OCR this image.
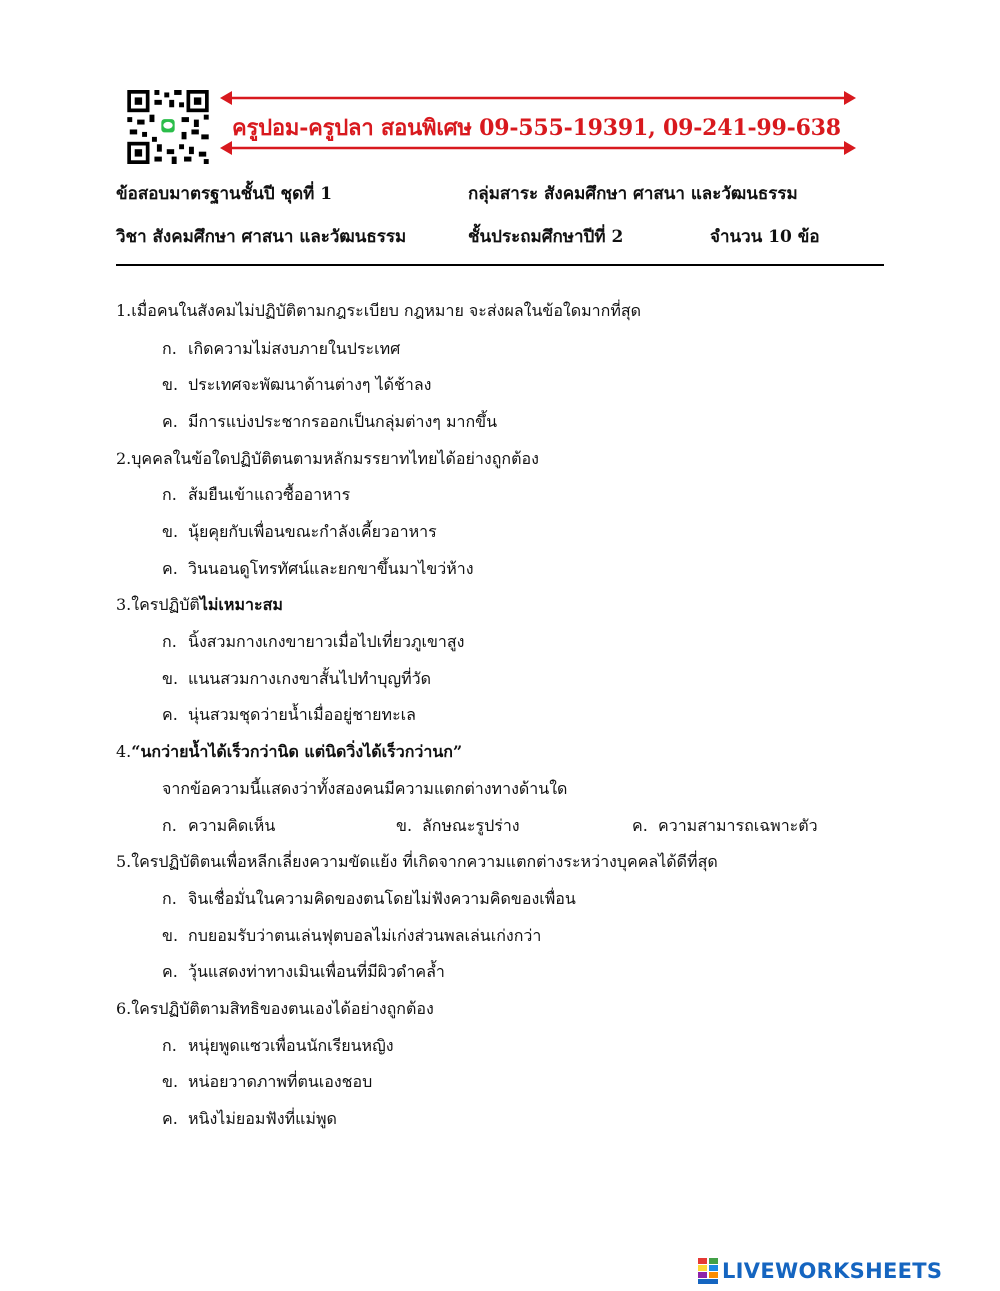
ครูปอม-ครูปลา สอนพิเศษ 09-555-19391, 09-241-99-638
ข้อสอบมาตรฐานชั้นปี ชุดที่ 1	กลุ่มสาระ สังคมศึกษา ศาสนา และวัฒนธรรม
วิชา สังคมศึกษา ศาสนา และวัฒนธรรม	ชั้นประถมศึกษาปีที่ 2	จำนวน 10 ข้อ
1.เมื่อคนในสังคมไม่ปฏิบัติตามกฎระเบียบ กฎหมาย จะส่งผลในข้อใดมากที่สุด
ก. เกิดความไม่สงบภายในประเทศ
ข. ประเทศจะพัฒนาด้านต่างๆ ได้ช้าลง
ค. มีการแบ่งประชากรออกเป็นกลุ่มต่างๆ มากขึ้น
2.บุคคลในข้อใดปฏิบัติตนตามหลักมรรยาทไทยได้อย่างถูกต้อง
ก. ส้มยืนเข้าแถวซื้ออาหาร
ข. นุ้ยคุยกับเพื่อนขณะกำลังเคี้ยวอาหาร
ค. วินนอนดูโทรทัศน์และยกขาขึ้นมาไขว่ห้าง
3.ใครปฏิบัติไม่เหมาะสม
ก. นิ้งสวมกางเกงขายาวเมื่อไปเที่ยวภูเขาสูง
ข. แนนสวมกางเกงขาสั้นไปทำบุญที่วัด
ค. นุ่นสวมชุดว่ายน้ำเมื่ออยู่ชายทะเล
4.“นกว่ายน้ำได้เร็วกว่านิด แต่นิดวิ่งได้เร็วกว่านก”
จากข้อความนี้แสดงว่าทั้งสองคนมีความแตกต่างทางด้านใด
ก. ความคิดเห็น	ข. ลักษณะรูปร่าง	ค. ความสามารถเฉพาะตัว
5.ใครปฏิบัติตนเพื่อหลีกเลี่ยงความขัดแย้ง ที่เกิดจากความแตกต่างระหว่างบุคคลได้ดีที่สุด
ก. จินเชื่อมั่นในความคิดของตนโดยไม่ฟังความคิดของเพื่อน
ข. กบยอมรับว่าตนเล่นฟุตบอลไม่เก่งส่วนพลเล่นเก่งกว่า
ค. วุ้นแสดงท่าทางเมินเพื่อนที่มีผิวดำคล้ำ
6.ใครปฏิบัติตามสิทธิของตนเองได้อย่างถูกต้อง
ก. หนุ่ยพูดแซวเพื่อนนักเรียนหญิง
ข. หน่อยวาดภาพที่ตนเองชอบ
ค. หนิงไม่ยอมฟังที่แม่พูด
LIVEWORKSHEETS
